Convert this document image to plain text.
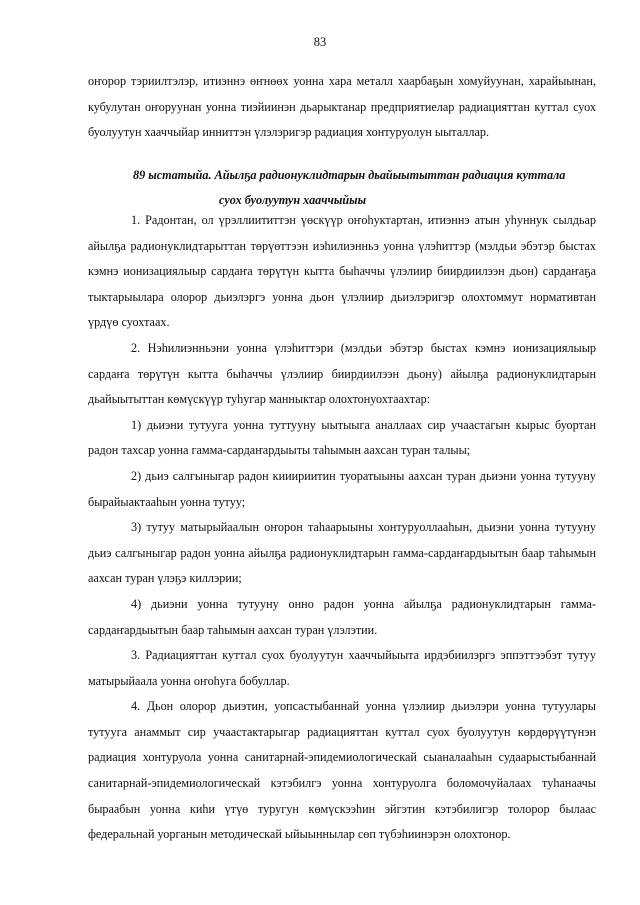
83

оҥорор тэриилтэлэр, итиэннэ өҥнөөх уонна хара металл хаарбаҕын хомуйуунан, харайыынан, кубулутан оҥоруунан уонна тиэйиинэн дьарыктанар предприятиелар радиацияттан куттал суох буолуутун хааччыйар инниттэн үлэлэригэр радиация хонтуруолун ыыталлар.

89 ыстатыйа. Айылҕа радионуклидтарын дьайыытыттан радиация куттала
суох буолуутун хааччыйыы

1. Радонтан, ол үрэллиититтэн үөскүүр оҥоһуктартан, итиэннэ атын уһуннук сылдьар айылҕа радионуклидтарыттан төрүөттээн иэһилиэнньэ уонна үлэһиттэр (мэлдьи эбэтэр быстах кэмнэ ионизациялыыр сардаҥа төрүтүн кытта быһаччы үлэлиир биирдиилээн дьон) сардаҥаҕа тыктарыылара олорор дьиэлэргэ уонна дьон үлэлиир дьиэлэригэр олохтоммут нормативтан үрдүө суохтаах.

2. Нэһилиэнньэни уонна үлэһиттэри (мэлдьи эбэтэр быстах кэмнэ ионизациялыыр сардаҥа төрүтүн кытта быһаччы үлэлиир биирдиилээн дьону) айылҕа радионуклидтарын дьайыытыттан көмүскүүр туһугар манныктар олохтонуохтаахтар:

1) дьиэни тутууга уонна туттууну ыытыыга аналлаах сир учаастагын кырыс буортан радон тахсар уонна гамма-сардаҥардыыты таһымын аахсан туран талыы;

2) дьиэ салгыныгар радон кииириитин туоратыыны аахсан туран дьиэни уонна тутууну бырайыактааһын уонна тутуу;

3) тутуу матырыйаалын оҥорон таһаарыыны хонтуруоллааһын, дьиэни уонна тутууну дьиэ салгыныгар радон уонна айылҕа радионуклидтарын гамма-сардаҥардыытын баар таһымын аахсан туран үлэҕэ киллэрии;

4) дьиэни уонна тутууну онно радон уонна айылҕа радионуклидтарын гамма-сардаҥардыытын баар таһымын аахсан туран үлэлэтии.

3. Радиацияттан куттал суох буолуутун хааччыйыыта ирдэбиилэргэ эппэттээбэт тутуу матырыйаала уонна оҥоһуга бобуллар.

4. Дьон олорор дьиэтин, уопсастыбаннай уонна үлэлиир дьиэлэри уонна тутуулары тутууга анаммыт сир учаастактарыгар радиацияттан куттал суох буолуутун көрдөрүүтүнэн радиация хонтуруола уонна санитарнай-эпидемиологическай сыаналааһын судаарыстыбаннай санитарнай-эпидемиологическай кэтэбилгэ уонна хонтуруолга боломочуйалаах туһанаачы быраабын уонна киһи үтүө туругун көмүскээһин эйгэтин кэтэбилигэр толорор былаас федеральнай уорганын методическай ыйыыннылар сөп түбэһиинэрэн олохтонор.
